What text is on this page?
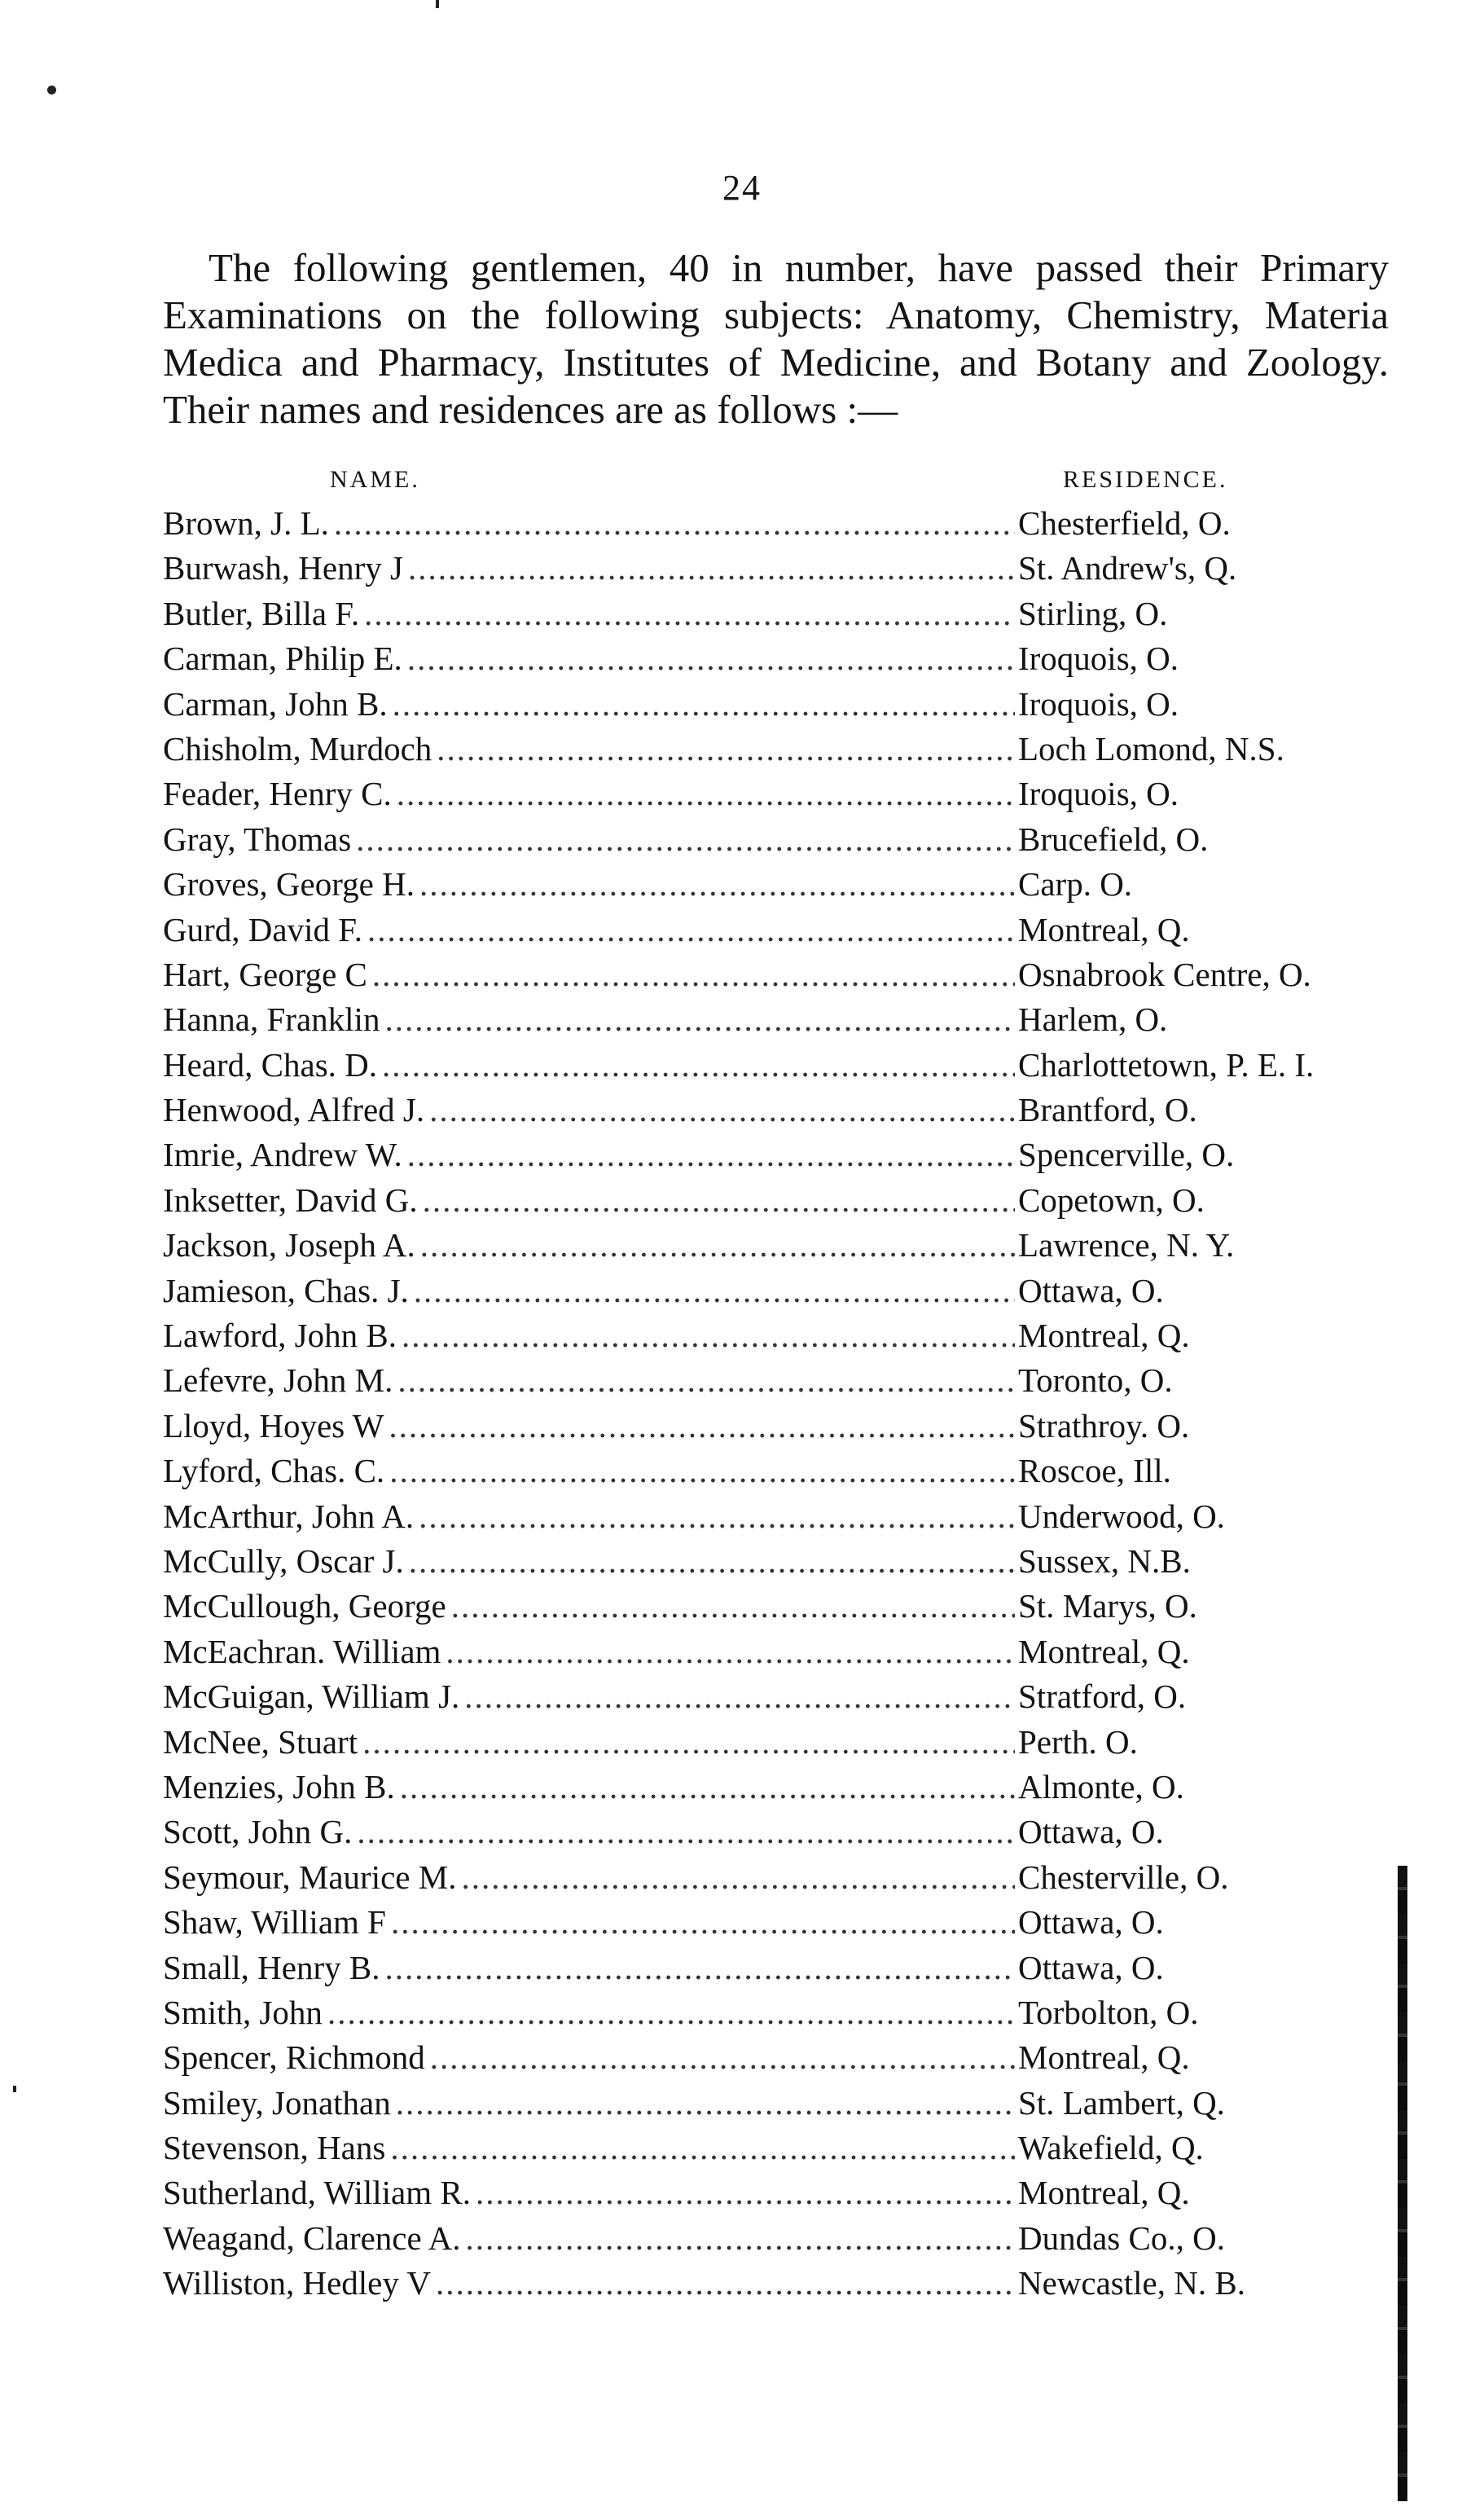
24
The following gentlemen, 40 in number, have passed their Primary Examinations on the following subjects: Anatomy, Chemistry, Materia Medica and Pharmacy, Institutes of Medicine, and Botany and Zoology. Their names and residences are as follows :—
NAME.	RESIDENCE.
Brown, J. L. .....	Chesterfield, O.
Burwash, Henry J .....	St. Andrew's, Q.
Butler, Billa F. .....	Stirling, O.
Carman, Philip E. .....	Iroquois, O.
Carman, John B. .....	Iroquois, O.
Chisholm, Murdoch .....	Loch Lomond, N.S.
Feader, Henry C. .....	Iroquois, O.
Gray, Thomas .....	Brucefield, O.
Groves, George H. .....	Carp. O.
Gurd, David F. .....	Montreal, Q.
Hart, George C .....	Osnabrook Centre, O.
Hanna, Franklin .....	Harlem, O.
Heard, Chas. D. .....	Charlottetown, P. E. I.
Henwood, Alfred J. .....	Brantford, O.
Imrie, Andrew W. .....	Spencerville, O.
Inksetter, David G. .....	Copetown, O.
Jackson, Joseph A. .....	Lawrence, N. Y.
Jamieson, Chas. J. .....	Ottawa, O.
Lawford, John B. .....	Montreal, Q.
Lefevre, John M. .....	Toronto, O.
Lloyd, Hoyes W .....	Strathroy. O.
Lyford, Chas. C. .....	Roscoe, Ill.
McArthur, John A. .....	Underwood, O.
McCully, Oscar J. .....	Sussex, N.B.
McCullough, George .....	St. Marys, O.
McEachran. William .....	Montreal, Q.
McGuigan, William J. .....	Stratford, O.
McNee, Stuart .....	Perth. O.
Menzies, John B. .....	Almonte, O.
Scott, John G. .....	Ottawa, O.
Seymour, Maurice M. .....	Chesterville, O.
Shaw, William F .....	Ottawa, O.
Small, Henry B. .....	Ottawa, O.
Smith, John .....	Torbolton, O.
Spencer, Richmond .....	Montreal, Q.
Smiley, Jonathan .....	St. Lambert, Q.
Stevenson, Hans .....	Wakefield, Q.
Sutherland, William R. .....	Montreal, Q.
Weagand, Clarence A. .....	Dundas Co., O.
Williston, Hedley V .....	Newcastle, N. B.
